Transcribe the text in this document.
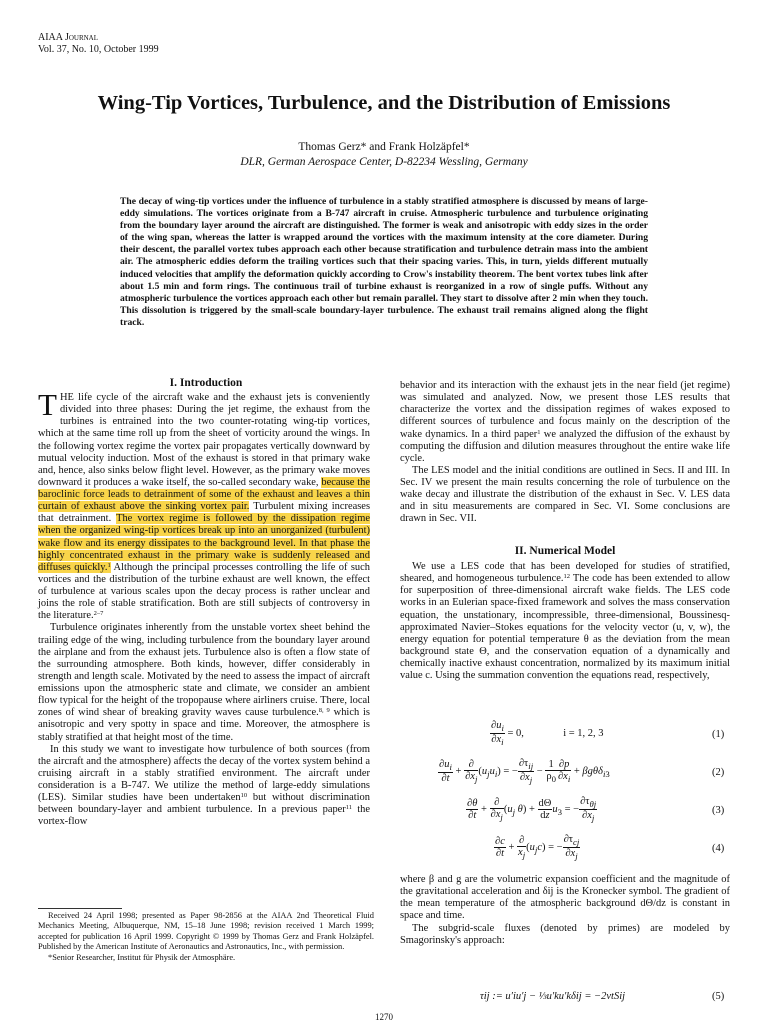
AIAA Journal
Vol. 37, No. 10, October 1999
Wing-Tip Vortices, Turbulence, and the Distribution of Emissions
Thomas Gerz* and Frank Holzäpfel*
DLR, German Aerospace Center, D-82234 Wessling, Germany
The decay of wing-tip vortices under the influence of turbulence in a stably stratified atmosphere is discussed by means of large-eddy simulations. The vortices originate from a B-747 aircraft in cruise. Atmospheric turbulence and turbulence originating from the boundary layer around the aircraft are distinguished. The former is weak and anisotropic with eddy sizes in the order of the wing span, whereas the latter is wrapped around the vortices with the maximum intensity at the core diameter. During their descent, the parallel vortex tubes approach each other because stratification and turbulence detrain mass into the ambient air. The atmospheric eddies deform the trailing vortices such that their spacing varies. This, in turn, yields different mutually induced velocities that amplify the deformation quickly according to Crow's instability theorem. The bent vortex tubes link after about 1.5 min and form rings. The continuous trail of turbine exhaust is reorganized in a row of single puffs. Without any atmospheric turbulence the vortices approach each other but remain parallel. They start to dissolve after 2 min when they touch. This dissolution is triggered by the small-scale boundary-layer turbulence. The exhaust trail remains aligned along the flight track.
I. Introduction

THE life cycle of the aircraft wake and the exhaust jets is conveniently divided into three phases: During the jet regime, the exhaust from the turbines is entrained into the two counter-rotating wing-tip vortices, which at the same time roll up from the sheet of vorticity around the wings. In the following vortex regime the vortex pair propagates vertically downward by mutual velocity induction. Most of the exhaust is stored in that primary wake and, hence, also sinks below flight level. However, as the primary wake moves downward it produces a wake itself, the so-called secondary wake, because the baroclinic force leads to detrainment of some of the exhaust and leaves a thin curtain of exhaust above the sinking vortex pair. Turbulent mixing increases that detrainment. The vortex regime is followed by the dissipation regime when the organized wing-tip vortices break up into an unorganized (turbulent) wake flow and its energy dissipates to the background level. In that phase the highly concentrated exhaust in the primary wake is suddenly released and diffuses quickly.$^1$ Although the principal processes controlling the life of such vortices and the distribution of the turbine exhaust are well known, the effect of turbulence at various scales upon the decay process is rather unclear and joins the role of stable stratification. Both are still subjects of controversy in the literature.$^{2-7}$

Turbulence originates inherently from the unstable vortex sheet behind the trailing edge of the wing, including turbulence from the boundary layer around the airplane and from the exhaust jets. Turbulence also is often a flow state of the surrounding atmosphere. Both kinds, however, differ considerably in strength and length scale. Motivated by the need to assess the impact of aircraft emissions upon the atmospheric state and climate, we consider an ambient flow typical for the height of the tropopause where airliners cruise. There, local zones of wind shear of breaking gravity waves cause turbulence.$^{8, 9}$ which is anisotropic and very spotty in space and time. Moreover, the atmosphere is stably stratified at that height most of the time.

In this study we want to investigate how turbulence of both sources (from the aircraft and the atmosphere) affects the decay of the vortex system behind a cruising aircraft in a stably stratified environment. The aircraft under consideration is a B-747. We utilize the method of large-eddy simulations (LES). Similar studies have been undertaken$^{10}$ but without discrimination between boundary-layer and ambient turbulence. In a previous paper$^{11}$ the vortex-flow

Received 24 April 1998; presented as Paper 98-2856 at the AIAA 2nd Theoretical Fluid Mechanics Meeting, Albuquerque, NM, 15–18 June 1998; revision received 1 March 1999; accepted for publication 16 April 1999. Copyright © 1999 by Thomas Gerz and Frank Holzäpfel. Published by the American Institute of Aeronautics and Astronautics, Inc., with permission.

*Senior Researcher, Institut für Physik der Atmosphäre.

behavior and its interaction with the exhaust jets in the near field (jet regime) was simulated and analyzed. Now, we present those LES results that characterize the vortex and the dissipation regimes of wakes exposed to different sources of turbulence and focus mainly on the description of the wake dynamics. In a third paper$^1$ we analyzed the diffusion of the exhaust by computing the diffusion and dilution measures throughout the entire wake life cycle.

The LES model and the initial conditions are outlined in Secs. II and III. In Sec. IV we present the main results concerning the role of turbulence on the wake decay and illustrate the distribution of the exhaust in Sec. V. LES data and in situ measurements are compared in Sec. VI. Some conclusions are drawn in Sec. VII.

II. Numerical Model

We use a LES code that has been developed for studies of stratified, sheared, and homogeneous turbulence.$^{12}$ The code has been extended to allow for superposition of three-dimensional aircraft wake fields. The LES code works in an Eulerian space-fixed framework and solves the mass conservation equation, the unstationary, incompressible, three-dimensional, Boussinesq-approximated Navier–Stokes equations for the velocity vector (u, v, w), the energy equation for potential temperature θ as the deviation from the mean background state Θ, and the conservation equation of a dynamically and chemically inactive exhaust concentration, normalized by its maximum initial value c. Using the summation convention the equations read, respectively,

$\frac{\partial u_i}{\partial x_i} = 0$,	i = 1, 2, 3	(1)
$\frac{\partial u_i}{\partial t}$ +
∂
$\partial x_j$
$(u_ju_i)$ = −
$\partial\tau_{ij}$
$\partial x_j$
− $\frac{1}{\rho_0} \frac{\partial p}{\partial x_i} + \beta g\theta\delta_{i3}$	(2)
$\frac{\partial\theta}{\partial t}$ +
∂
$\partial x_j$
($u_j$ $\theta) + \frac{d\Theta}{dz} u_3$ = −
$\partial\tau_{\theta j}$
$\partial x_j$
(3)
$\frac{\partial c}{\partial t}$ +
∂
$x_j$
$(u_jc)$ = −
$\partial\tau_{cj}$
$\partial x_j$
(4)

where β and g are the volumetric expansion coefficient and the magnitude of the gravitational acceleration and δij is the Kronecker symbol. The gradient of the mean temperature of the atmospheric background dΘ/dz is constant in space and time.

The subgrid-scale fluxes (denoted by primes) are modeled by Smagorinsky's approach:

τij := u′iu′j − ⅓u′ku′kδij = −2νtSij	(5)
1270
